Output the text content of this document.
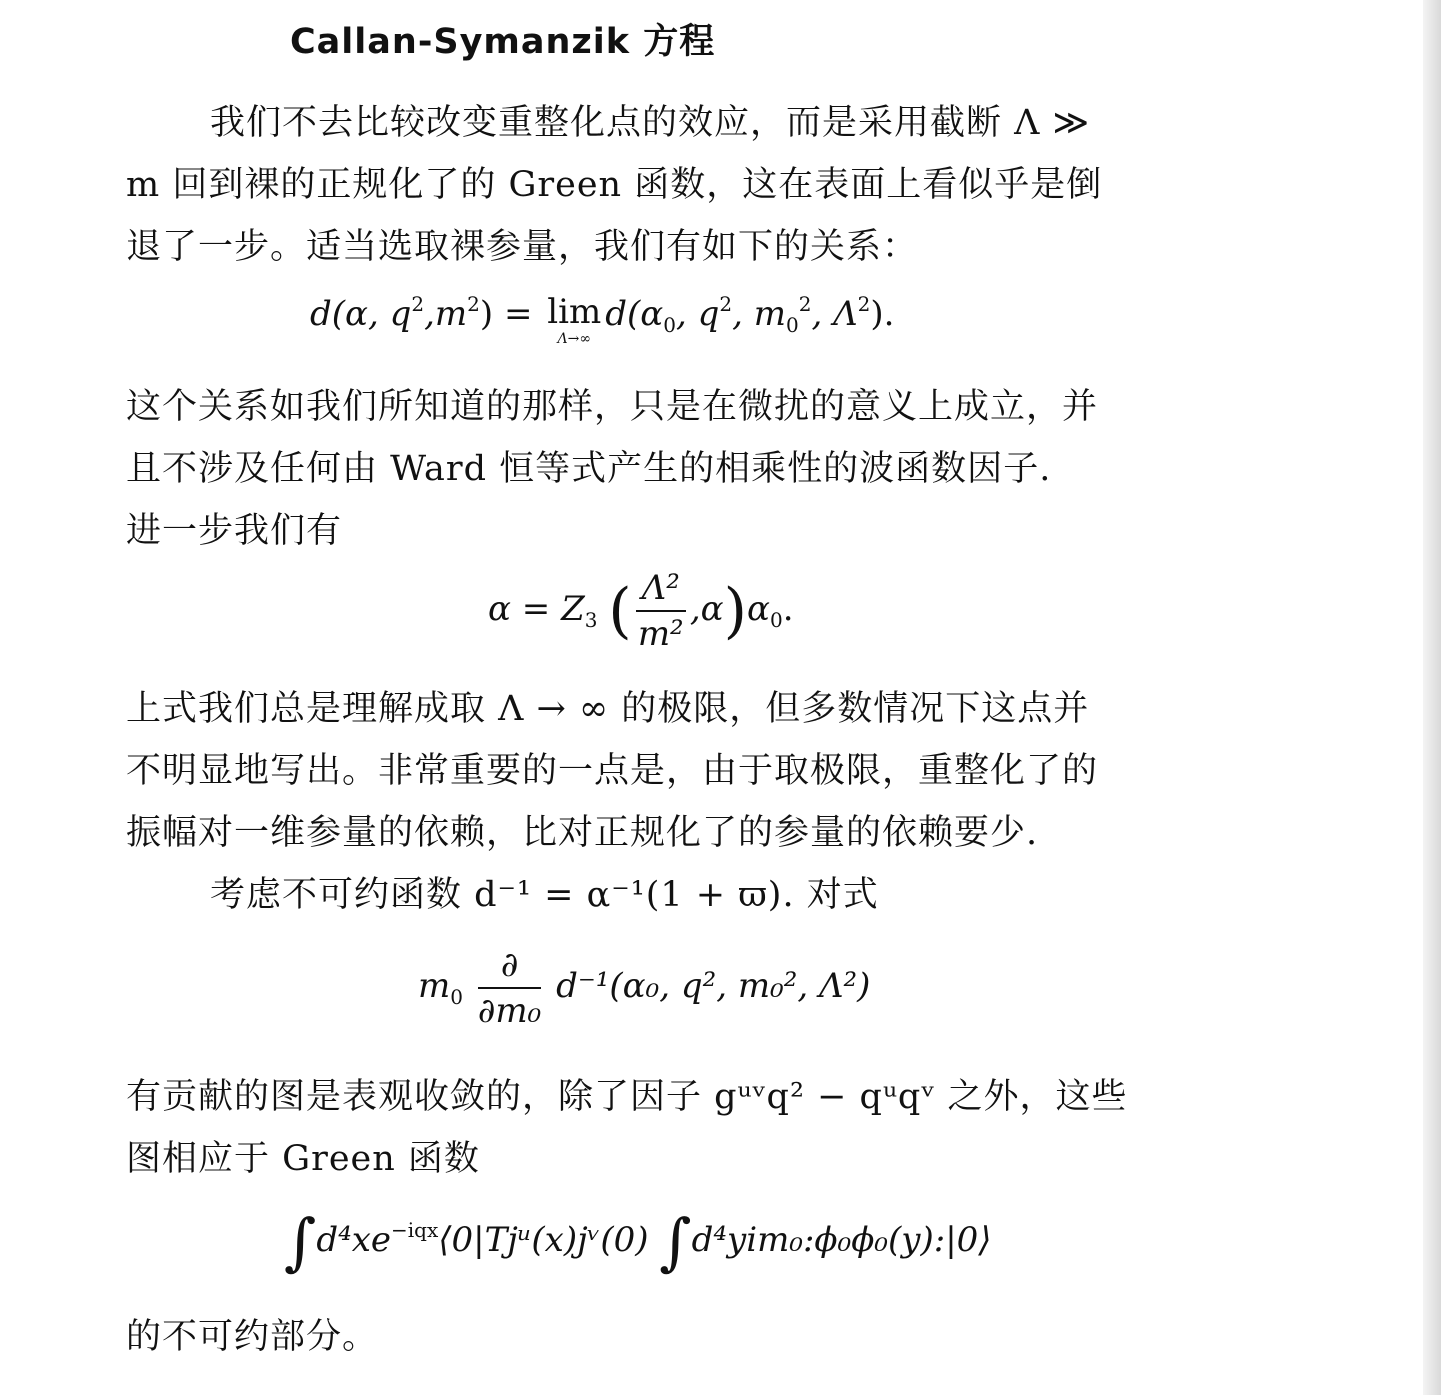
Callan-Symanzik 方程
我们不去比较改变重整化点的效应，而是采用截断 Λ ≫
m 回到裸的正规化了的 Green 函数，这在表面上看似乎是倒
退了一步。适当选取裸参量，我们有如下的关系：
d(α, $q^2,m^2) = \lim$
Λ→∞
$d(\alpha_0$, $q^2$, $m_0^2$, $\Lambda^2$).
这个关系如我们所知道的那样，只是在微扰的意义上成立，并
且不涉及任何由 Ward 恒等式产生的相乘性的波函数因子.
进一步我们有
$\alpha = Z_3$ ( $\frac{\text{Λ²}}{\text{m²}} ,\alpha)\alpha_0$.
上式我们总是理解成取 Λ → ∞ 的极限，但多数情况下这点并
不明显地写出。非常重要的一点是，由于取极限，重整化了的
振幅对一维参量的依赖，比对正规化了的参量的依赖要少.
考虑不可约函数 d⁻¹ = α⁻¹(1 + ϖ). 对式
$m_0 \frac{\partial}{\text{∂m₀}} d^{-1}(\alpha_0$, q², m₀², Λ²)
有贡献的图是表观收敛的，除了因子 gᵘᵛq² − qᵘqᵛ 之外，这些
图相应于 Green 函数
$\int d^4xe^{-iqx}⟨0|Tjᵘ(x)jᵛ(0)$ ∫d⁴yim₀:ϕ₀ϕ₀(y):|0⟩
的不可约部分。
